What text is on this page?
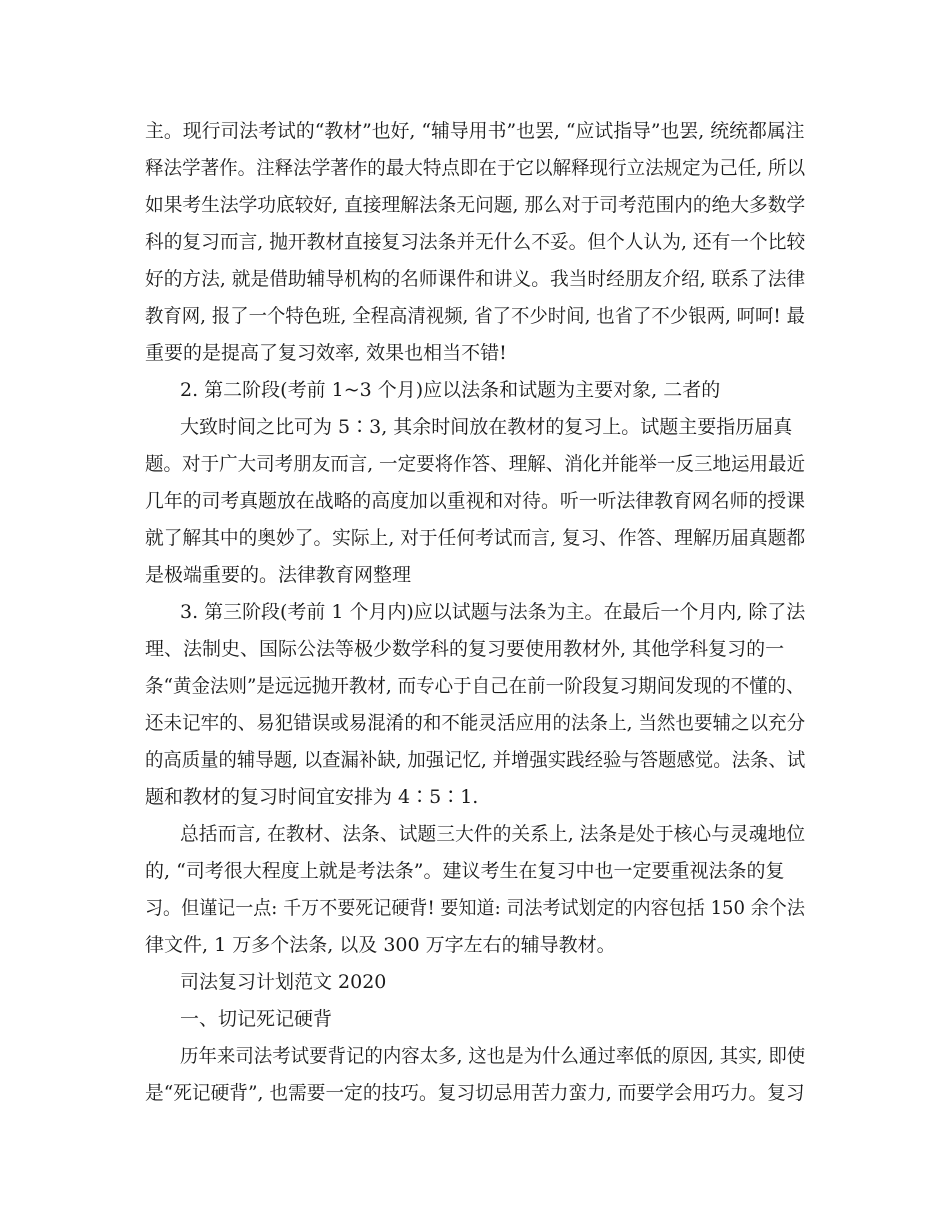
主。现行司法考试的“教材”也好, “辅导用书”也罢, “应试指导”也罢, 统统都属注
释法学著作。注释法学著作的最大特点即在于它以解释现行立法规定为己任, 所以
如果考生法学功底较好, 直接理解法条无问题, 那么对于司考范围内的绝大多数学
科的复习而言, 抛开教材直接复习法条并无什么不妥。但个人认为, 还有一个比较
好的方法, 就是借助辅导机构的名师课件和讲义。我当时经朋友介绍, 联系了法律
教育网, 报了一个特色班, 全程高清视频, 省了不少时间, 也省了不少银两, 呵呵! 最
重要的是提高了复习效率, 效果也相当不错!
2. 第二阶段(考前 1~3 个月)应以法条和试题为主要对象, 二者的
大致时间之比可为 5∶3, 其余时间放在教材的复习上。试题主要指历届真
题。对于广大司考朋友而言, 一定要将作答、理解、消化并能举一反三地运用最近
几年的司考真题放在战略的高度加以重视和对待。听一听法律教育网名师的授课
就了解其中的奥妙了。实际上, 对于任何考试而言, 复习、作答、理解历届真题都
是极端重要的。法律教育网整理
3. 第三阶段(考前 1 个月内)应以试题与法条为主。在最后一个月内, 除了法
理、法制史、国际公法等极少数学科的复习要使用教材外, 其他学科复习的一
条“黄金法则”是远远抛开教材, 而专心于自己在前一阶段复习期间发现的不懂的、
还未记牢的、易犯错误或易混淆的和不能灵活应用的法条上, 当然也要辅之以充分
的高质量的辅导题, 以查漏补缺, 加强记忆, 并增强实践经验与答题感觉。法条、试
题和教材的复习时间宜安排为 4∶5∶1.
总括而言, 在教材、法条、试题三大件的关系上, 法条是处于核心与灵魂地位
的, “司考很大程度上就是考法条”。建议考生在复习中也一定要重视法条的复
习。但谨记一点: 千万不要死记硬背! 要知道: 司法考试划定的内容包括 150 余个法
律文件, 1 万多个法条, 以及 300 万字左右的辅导教材。
司法复习计划范文 2020
一、切记死记硬背
历年来司法考试要背记的内容太多, 这也是为什么通过率低的原因, 其实, 即使
是“死记硬背”, 也需要一定的技巧。复习切忌用苦力蛮力, 而要学会用巧力。复习
